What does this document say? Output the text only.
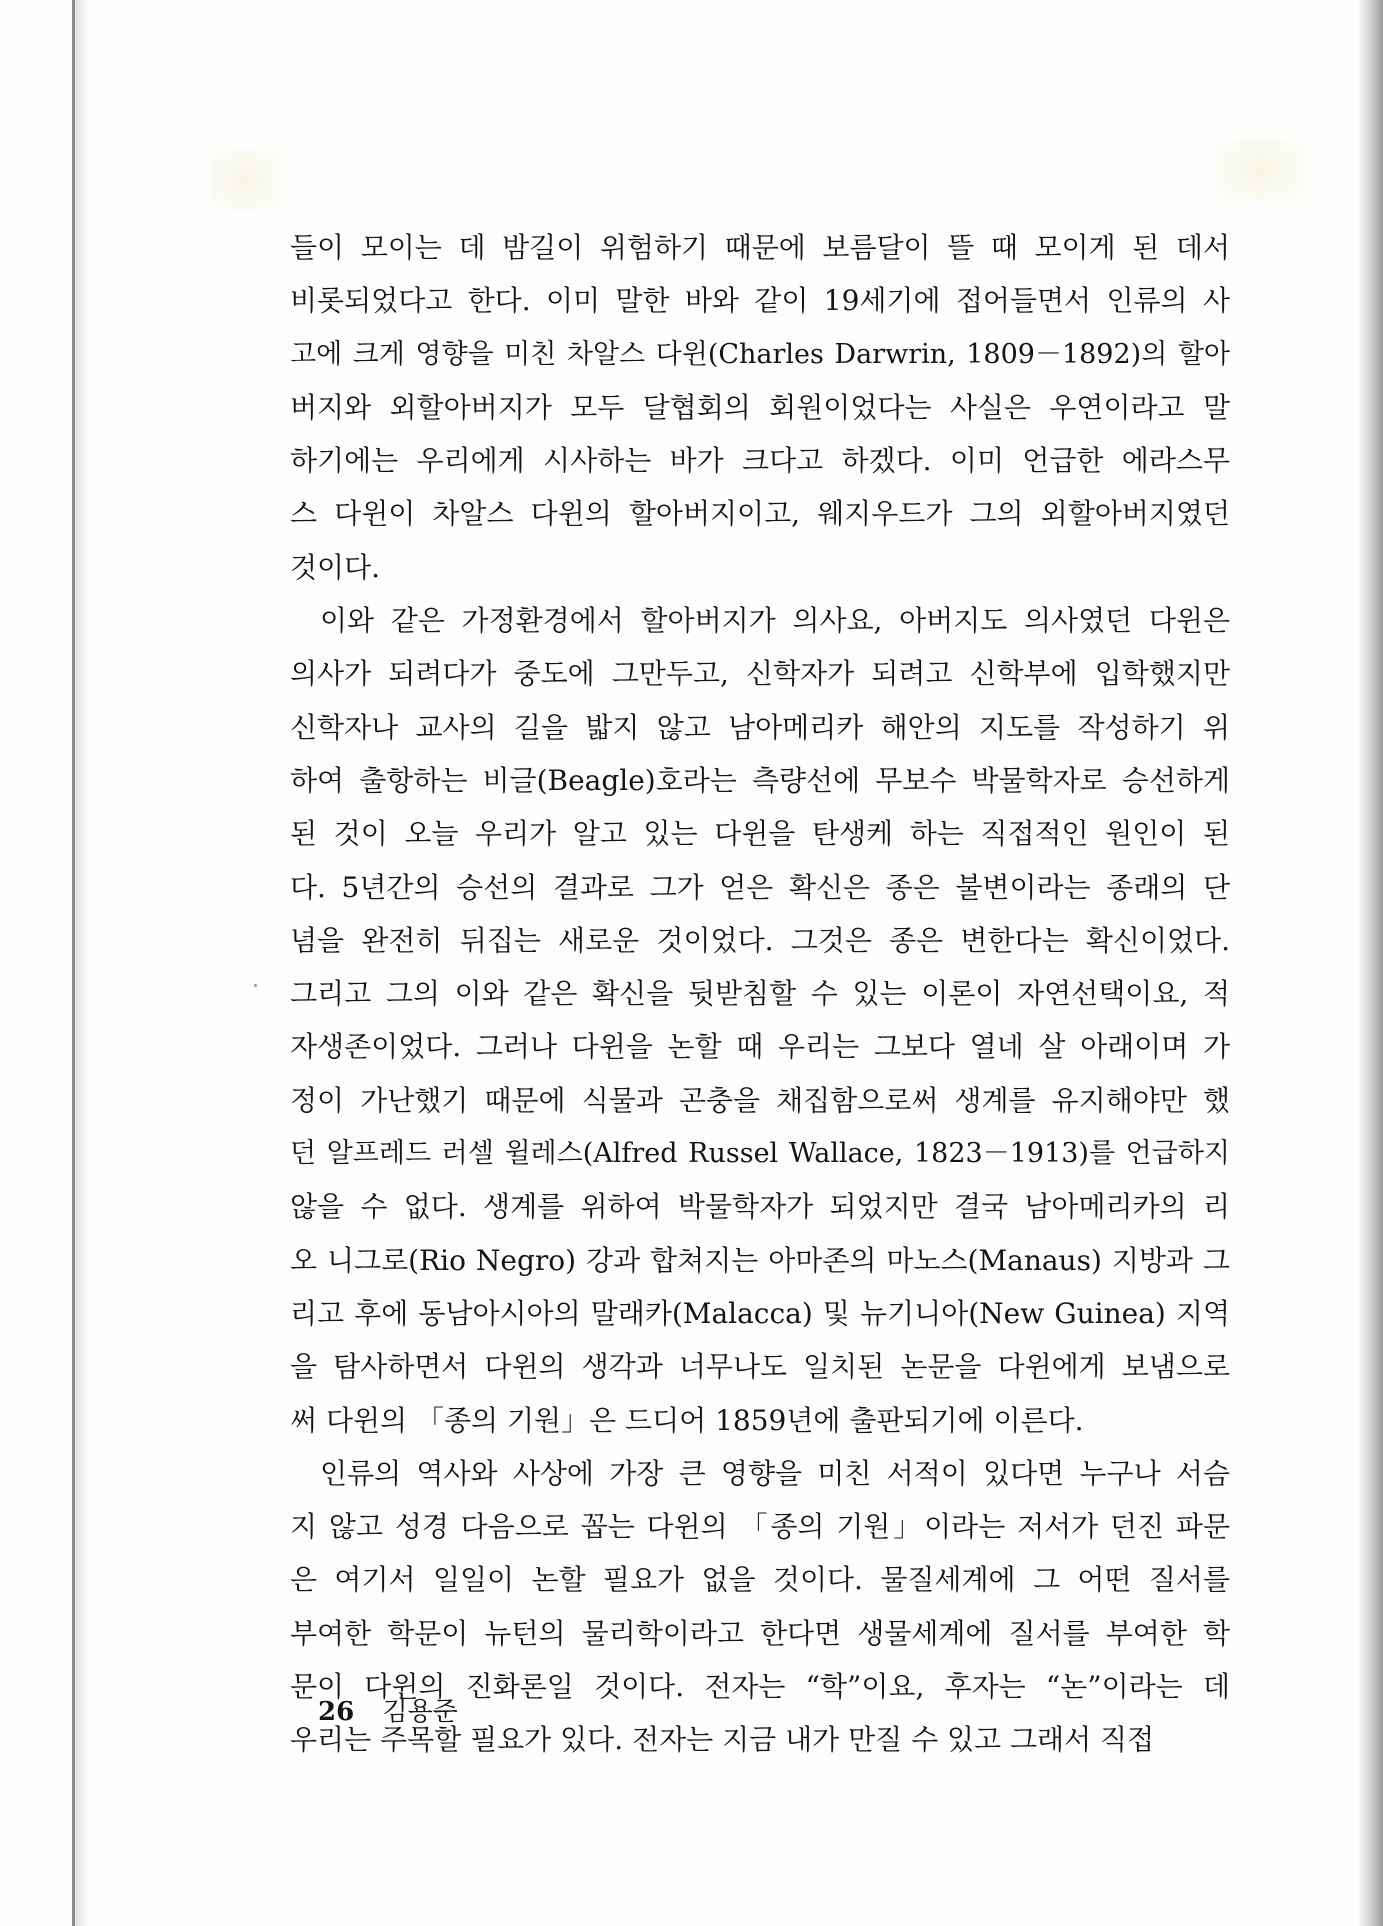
들이 모이는 데 밤길이 위험하기 때문에 보름달이 뜰 때 모이게 된 데서
비롯되었다고 한다. 이미 말한 바와 같이 19세기에 접어들면서 인류의 사
고에 크게 영향을 미친 차알스 다윈(Charles Darwrin, 1809－1892)의 할아
버지와 외할아버지가 모두 달협회의 회원이었다는 사실은 우연이라고 말
하기에는 우리에게 시사하는 바가 크다고 하겠다. 이미 언급한 에라스무
스 다윈이 차알스 다윈의 할아버지이고, 웨지우드가 그의 외할아버지였던
것이다.
이와 같은 가정환경에서 할아버지가 의사요, 아버지도 의사였던 다윈은
의사가 되려다가 중도에 그만두고, 신학자가 되려고 신학부에 입학했지만
신학자나 교사의 길을 밟지 않고 남아메리카 해안의 지도를 작성하기 위
하여 출항하는 비글(Beagle)호라는 측량선에 무보수 박물학자로 승선하게
된 것이 오늘 우리가 알고 있는 다윈을 탄생케 하는 직접적인 원인이 된
다. 5년간의 승선의 결과로 그가 얻은 확신은 종은 불변이라는 종래의 단
념을 완전히 뒤집는 새로운 것이었다. 그것은 종은 변한다는 확신이었다.
그리고 그의 이와 같은 확신을 뒷받침할 수 있는 이론이 자연선택이요, 적
자생존이었다. 그러나 다윈을 논할 때 우리는 그보다 열네 살 아래이며 가
정이 가난했기 때문에 식물과 곤충을 채집함으로써 생계를 유지해야만 했
던 알프레드 러셀 윌레스(Alfred Russel Wallace, 1823－1913)를 언급하지
않을 수 없다. 생계를 위하여 박물학자가 되었지만 결국 남아메리카의 리
오 니그로(Rio Negro) 강과 합쳐지는 아마존의 마노스(Manaus) 지방과 그
리고 후에 동남아시아의 말래카(Malacca) 및 뉴기니아(New Guinea) 지역
을 탐사하면서 다윈의 생각과 너무나도 일치된 논문을 다윈에게 보냄으로
써 다윈의 「종의 기원」은 드디어 1859년에 출판되기에 이른다.
인류의 역사와 사상에 가장 큰 영향을 미친 서적이 있다면 누구나 서슴
지 않고 성경 다음으로 꼽는 다윈의 「종의 기원」이라는 저서가 던진 파문
은 여기서 일일이 논할 필요가 없을 것이다. 물질세계에 그 어떤 질서를
부여한 학문이 뉴턴의 물리학이라고 한다면 생물세계에 질서를 부여한 학
문이 다윈의 진화론일 것이다. 전자는 “학”이요, 후자는 “논”이라는 데
우리는 주목할 필요가 있다. 전자는 지금 내가 만질 수 있고 그래서 직접
26 김용준
